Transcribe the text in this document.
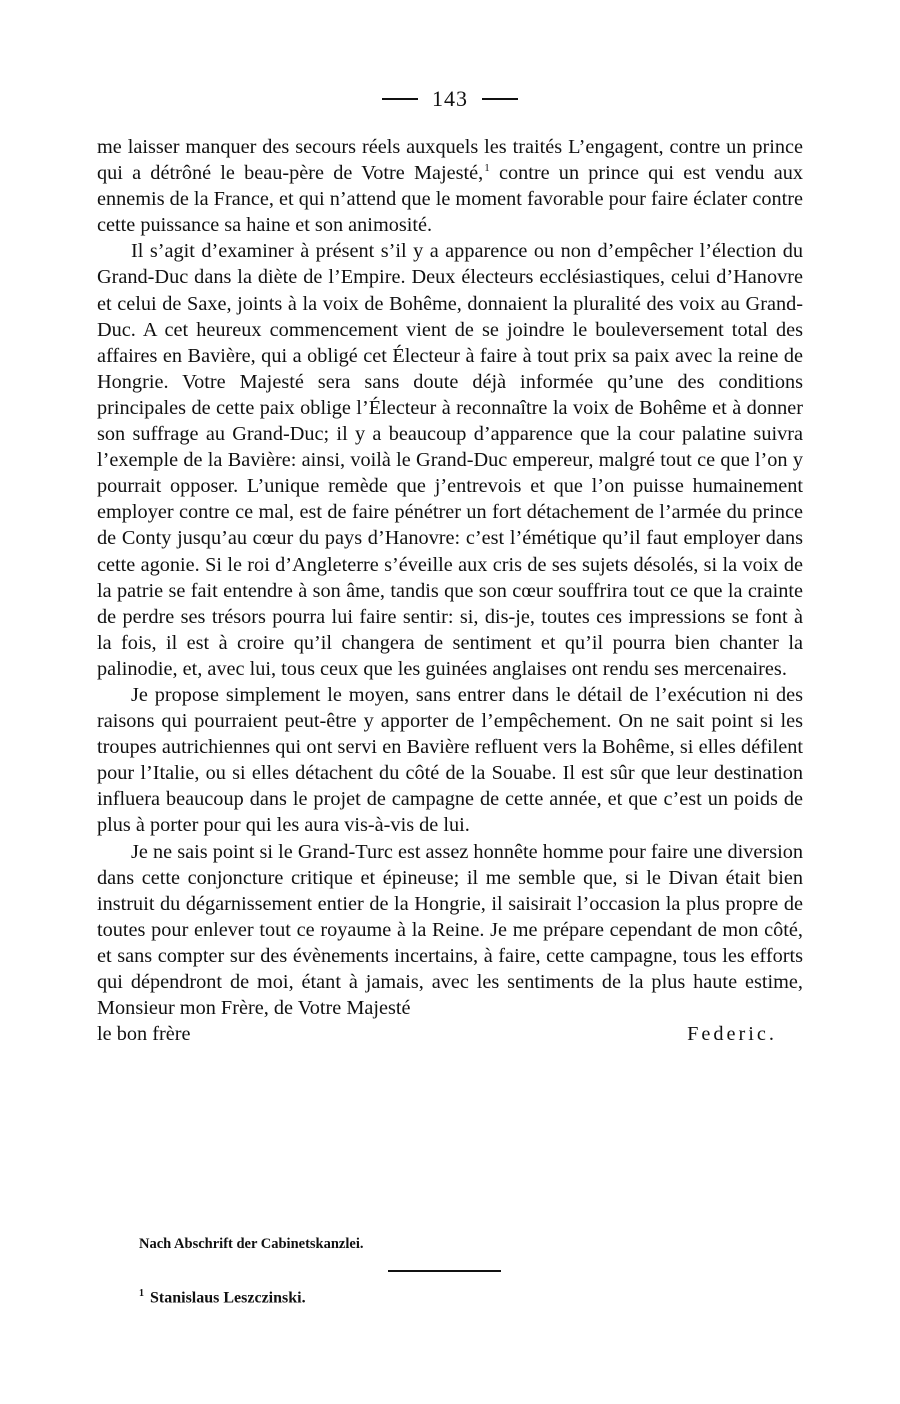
143

me laisser manquer des secours réels auxquels les traités L’engagent, contre un prince qui a détrôné le beau-père de Votre Majesté,$^1$ contre un prince qui est vendu aux ennemis de la France, et qui n’attend que le moment favorable pour faire éclater contre cette puissance sa haine et son animosité.

Il s’agit d’examiner à présent s’il y a apparence ou non d’empêcher l’élection du Grand-Duc dans la diète de l’Empire. Deux électeurs ecclésiastiques, celui d’Hanovre et celui de Saxe, joints à la voix de Bohême, donnaient la pluralité des voix au Grand-Duc. A cet heureux commencement vient de se joindre le bouleversement total des affaires en Bavière, qui a obligé cet Électeur à faire à tout prix sa paix avec la reine de Hongrie. Votre Majesté sera sans doute déjà informée qu’une des conditions principales de cette paix oblige l’Électeur à reconnaître la voix de Bohême et à donner son suffrage au Grand-Duc; il y a beaucoup d’apparence que la cour palatine suivra l’exemple de la Bavière: ainsi, voilà le Grand-Duc empereur, malgré tout ce que l’on y pourrait opposer. L’unique remède que j’entrevois et que l’on puisse humainement employer contre ce mal, est de faire pénétrer un fort détachement de l’armée du prince de Conty jusqu’au cœur du pays d’Hanovre: c’est l’émétique qu’il faut employer dans cette agonie. Si le roi d’Angleterre s’éveille aux cris de ses sujets désolés, si la voix de la patrie se fait entendre à son âme, tandis que son cœur souffrira tout ce que la crainte de perdre ses trésors pourra lui faire sentir: si, dis-je, toutes ces impressions se font à la fois, il est à croire qu’il changera de sentiment et qu’il pourra bien chanter la palinodie, et, avec lui, tous ceux que les guinées anglaises ont rendu ses mercenaires.

Je propose simplement le moyen, sans entrer dans le détail de l’exécution ni des raisons qui pourraient peut-être y apporter de l’empêchement. On ne sait point si les troupes autrichiennes qui ont servi en Bavière refluent vers la Bohême, si elles défilent pour l’Italie, ou si elles détachent du côté de la Souabe. Il est sûr que leur destination influera beaucoup dans le projet de campagne de cette année, et que c’est un poids de plus à porter pour qui les aura vis-à-vis de lui.

Je ne sais point si le Grand-Turc est assez honnête homme pour faire une diversion dans cette conjoncture critique et épineuse; il me semble que, si le Divan était bien instruit du dégarnissement entier de la Hongrie, il saisirait l’occasion la plus propre de toutes pour enlever tout ce royaume à la Reine. Je me prépare cependant de mon côté, et sans compter sur des évènements incertains, à faire, cette campagne, tous les efforts qui dépendront de moi, étant à jamais, avec les sentiments de la plus haute estime, Monsieur mon Frère, de Votre Majesté

le bon frère	Federic.
Nach Abschrift der Cabinetskanzlei.
$^1$ Stanislaus Leszczinski.
